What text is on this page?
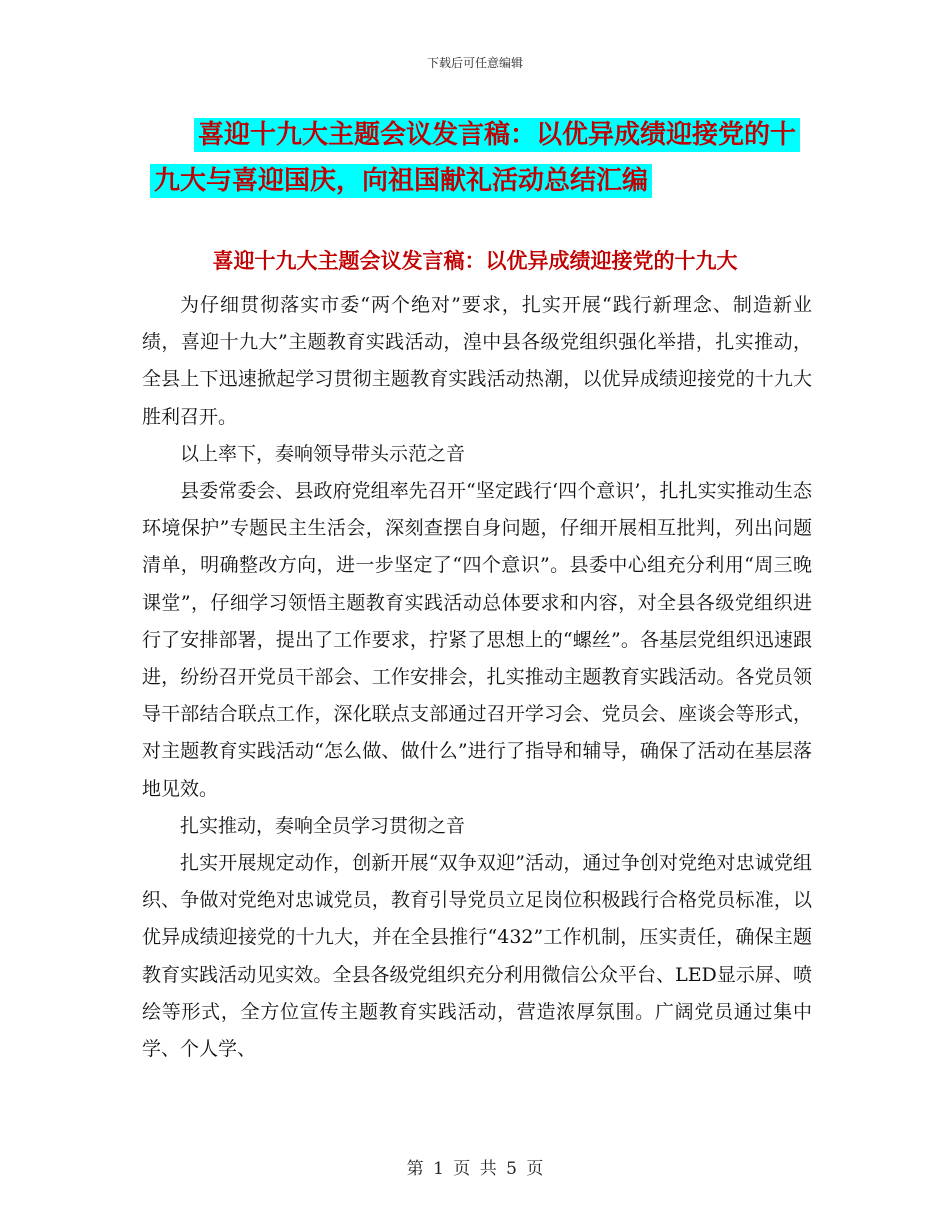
下载后可任意编辑
喜迎十九大主题会议发言稿：以优异成绩迎接党的十
九大与喜迎国庆，向祖国献礼活动总结汇编
喜迎十九大主题会议发言稿：以优异成绩迎接党的十九大

为仔细贯彻落实市委“两个绝对”要求，扎实开展“践行新理念、制造新业绩，喜迎十九大”主题教育实践活动，湟中县各级党组织强化举措，扎实推动，全县上下迅速掀起学习贯彻主题教育实践活动热潮，以优异成绩迎接党的十九大胜利召开。

以上率下，奏响领导带头示范之音

县委常委会、县政府党组率先召开“坚定践行‘四个意识’，扎扎实实推动生态环境保护”专题民主生活会，深刻查摆自身问题，仔细开展相互批判，列出问题清单，明确整改方向，进一步坚定了“四个意识”。县委中心组充分利用“周三晚课堂”，仔细学习领悟主题教育实践活动总体要求和内容，对全县各级党组织进行了安排部署，提出了工作要求，拧紧了思想上的“螺丝”。各基层党组织迅速跟进，纷纷召开党员干部会、工作安排会，扎实推动主题教育实践活动。各党员领导干部结合联点工作，深化联点支部通过召开学习会、党员会、座谈会等形式，对主题教育实践活动“怎么做、做什么”进行了指导和辅导，确保了活动在基层落地见效。

扎实推动，奏响全员学习贯彻之音

扎实开展规定动作，创新开展“双争双迎”活动，通过争创对党绝对忠诚党组织、争做对党绝对忠诚党员，教育引导党员立足岗位积极践行合格党员标准，以优异成绩迎接党的十九大，并在全县推行“432”工作机制，压实责任，确保主题教育实践活动见实效。全县各级党组织充分利用微信公众平台、LED显示屏、喷绘等形式，全方位宣传主题教育实践活动，营造浓厚氛围。广阔党员通过集中学、个人学、

第 1 页 共 5 页
